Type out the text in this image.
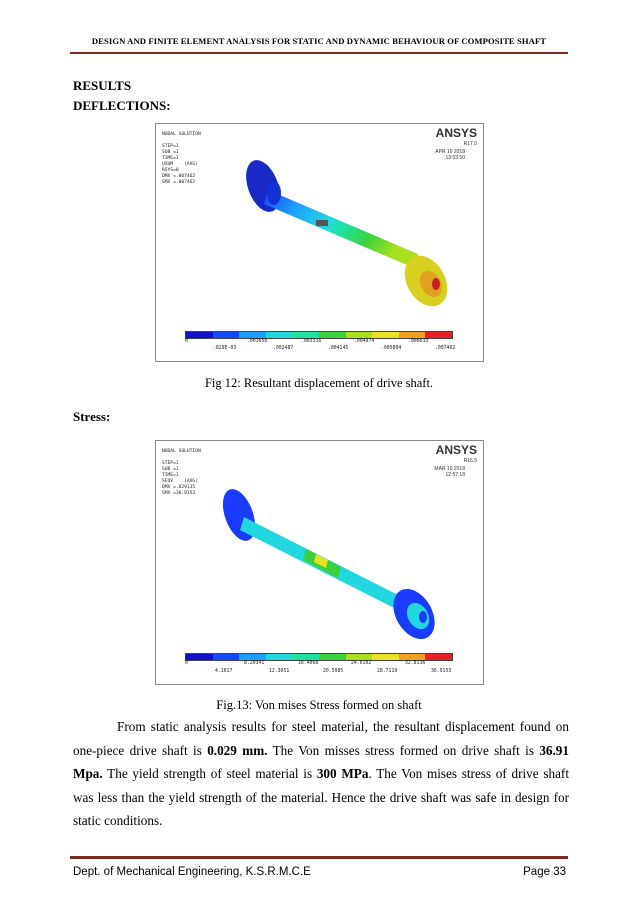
DESIGN AND FINITE ELEMENT ANALYSIS FOR STATIC AND DYNAMIC BEHAVIOUR OF COMPOSITE SHAFT
RESULTS
DEFLECTIONS:
NODAL SOLUTION

STEP=1
SUB =1
TIME=1
USUM    (AVG)
RSYS=0
DMX =.007462
SMX =.007462
ANSYS
R17.0
APR 10 2018
13:03:50
0	.001658	.003316	.004974	.006633
.829E-03	.002487	.004145	.005804	.007462
Fig 12: Resultant displacement of drive shaft.
Stress:
NODAL SOLUTION

STEP=1
SUB =1
TIME=1
SEQV    (AVG)
DMX =.029135
SMX =36.9153
ANSYS
R16.5
MAR 10 2018
12:57:18
0	8.20341	16.4068	24.6102	32.8136
4.1017	12.3051	20.5085	28.7119	36.9153
Fig.13: Von mises Stress formed on shaft

From static analysis results for steel material, the resultant displacement found on one-piece drive shaft is 0.029 mm. The Von misses stress formed on drive shaft is 36.91 Mpa. The yield strength of steel material is 300 MPa. The Von mises stress of drive shaft was less than the yield strength of the material. Hence the drive shaft was safe in design for static conditions.

Dept. of Mechanical Engineering, K.S.R.M.C.E	Page 33
